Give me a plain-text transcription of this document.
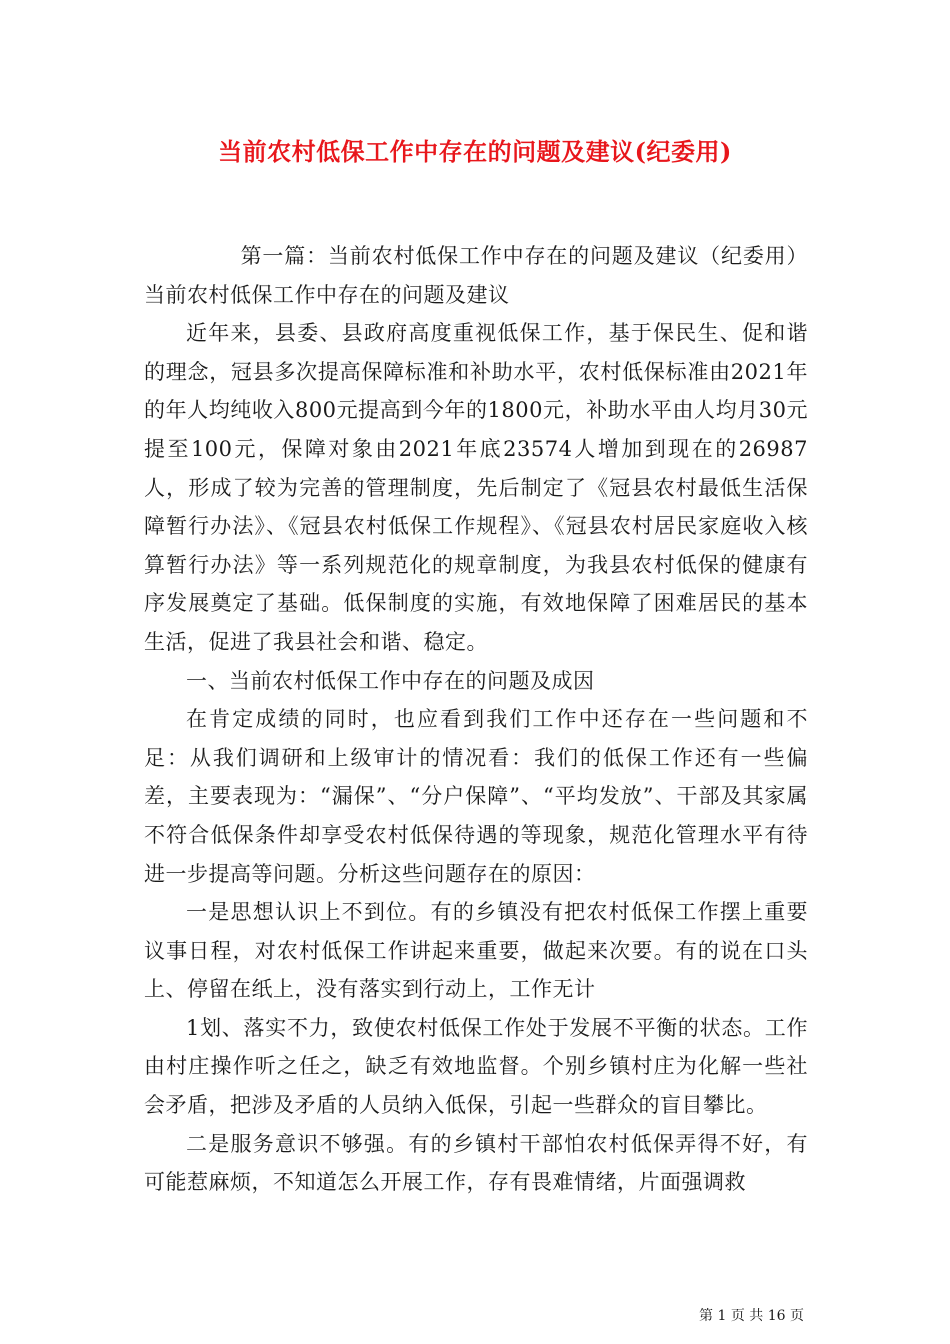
当前农村低保工作中存在的问题及建议(纪委用)

第一篇：当前农村低保工作中存在的问题及建议（纪委用）当前农村低保工作中存在的问题及建议

近年来，县委、县政府高度重视低保工作，基于保民生、促和谐的理念，冠县多次提高保障标准和补助水平，农村低保标准由2021年的年人均纯收入800元提高到今年的1800元，补助水平由人均月30元提至100元，保障对象由2021年底23574人增加到现在的26987人，形成了较为完善的管理制度，先后制定了《冠县农村最低生活保障暂行办法》、《冠县农村低保工作规程》、《冠县农村居民家庭收入核算暂行办法》等一系列规范化的规章制度，为我县农村低保的健康有序发展奠定了基础。低保制度的实施，有效地保障了困难居民的基本生活，促进了我县社会和谐、稳定。

一、当前农村低保工作中存在的问题及成因

在肯定成绩的同时，也应看到我们工作中还存在一些问题和不足：从我们调研和上级审计的情况看：我们的低保工作还有一些偏差，主要表现为：“漏保”、“分户保障”、“平均发放”、干部及其家属不符合低保条件却享受农村低保待遇的等现象，规范化管理水平有待进一步提高等问题。分析这些问题存在的原因：

一是思想认识上不到位。有的乡镇没有把农村低保工作摆上重要议事日程，对农村低保工作讲起来重要，做起来次要。有的说在口头上、停留在纸上，没有落实到行动上，工作无计

1划、落实不力，致使农村低保工作处于发展不平衡的状态。工作由村庄操作听之任之，缺乏有效地监督。个别乡镇村庄为化解一些社会矛盾，把涉及矛盾的人员纳入低保，引起一些群众的盲目攀比。

二是服务意识不够强。有的乡镇村干部怕农村低保弄得不好，有可能惹麻烦，不知道怎么开展工作，存有畏难情绪，片面强调救

第 1 页 共 16 页
